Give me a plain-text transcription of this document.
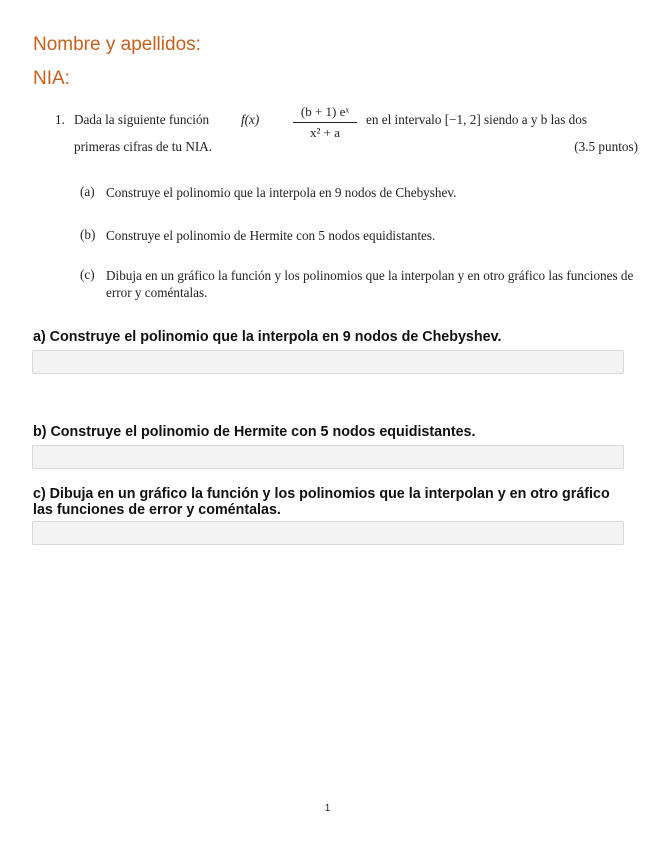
Nombre y apellidos:
NIA:
1. Dada la siguiente función f(x)	$\frac{\text{(b + 1) eˣ}}{\text{x² + a}}$ en el intervalo [−1, 2] siendo a y b las dos
primeras cifras de tu NIA.	(3.5 puntos)
(a) Construye el polinomio que la interpola en 9 nodos de Chebyshev.
(b) Construye el polinomio de Hermite con 5 nodos equidistantes.
(c) Dibuja en un gráfico la función y los polinomios que la interpolan y en otro gráfico las funciones de error y coméntalas.
a) Construye el polinomio que la interpola en 9 nodos de Chebyshev.
b) Construye el polinomio de Hermite con 5 nodos equidistantes.
c) Dibuja en un gráfico la función y los polinomios que la interpolan y en otro gráfico las funciones de error y coméntalas.
1
